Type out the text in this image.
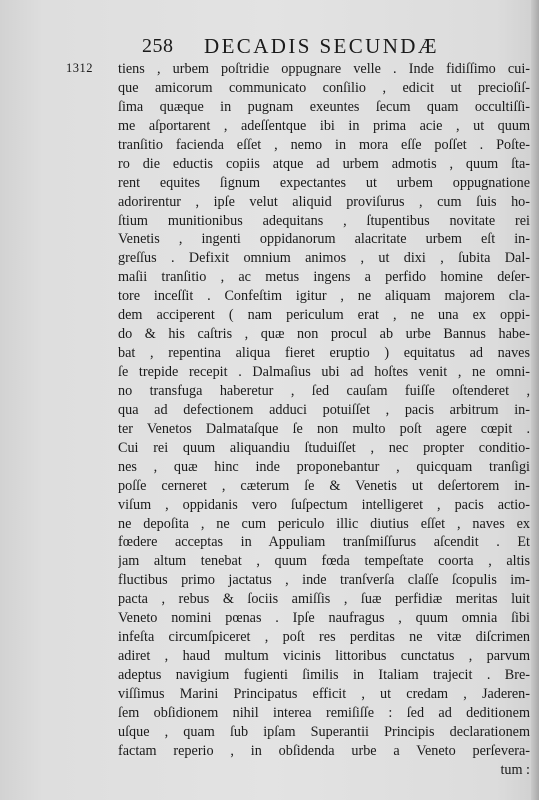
258 DECADIS SECUNDÆ
1312 tiens , urbem poſtridie oppugnare velle . Inde fidiſſimo cui-
que amicorum communicato conſilio , edicit ut precioſiſ-
ſima quæque in pugnam exeuntes ſecum quam occultiſſi-
me aſportarent , adeſſentque ibi in prima acie , ut quum
tranſitio facienda eſſet , nemo in mora eſſe poſſet . Poſte-
ro die eductis copiis atque ad urbem admotis , quum ſta-
rent equites ſignum expectantes ut urbem oppugnatione
adorirentur , ipſe velut aliquid proviſurus , cum ſuis ho-
ſtium munitionibus adequitans , ſtupentibus novitate rei
Venetis , ingenti oppidanorum alacritate urbem eſt in-
greſſus . Defixit omnium animos , ut dixi , ſubita Dal-
maſii tranſitio , ac metus ingens a perfido homine deſer-
tore inceſſit . Confeſtim igitur , ne aliquam majorem cla-
dem acciperent ( nam periculum erat , ne una ex oppi-
do & his caſtris , quæ non procul ab urbe Bannus habe-
bat , repentina aliqua fieret eruptio ) equitatus ad naves
ſe trepide recepit . Dalmaſius ubi ad hoſtes venit , ne omni-
no transfuga haberetur , ſed cauſam fuiſſe oſtenderet ,
qua ad defectionem adduci potuiſſet , pacis arbitrum in-
ter Venetos Dalmataſque ſe non multo poſt agere cœpit .
Cui rei quum aliquandiu ſtuduiſſet , nec propter conditio-
nes , quæ hinc inde proponebantur , quicquam tranſigi
poſſe cerneret , cæterum ſe & Venetis ut deſertorem in-
viſum , oppidanis vero ſuſpectum intelligeret , pacis actio-
ne depoſita , ne cum periculo illic diutius eſſet , naves ex
fœdere acceptas in Appuliam tranſmiſſurus aſcendit . Et
jam altum tenebat , quum fœda tempeſtate coorta , altis
fluctibus primo jactatus , inde tranſverſa claſſe ſcopulis im-
pacta , rebus & ſociis amiſſis , ſuæ perfidiæ meritas luit
Veneto nomini pœnas . Ipſe naufragus , quum omnia ſibi
infeſta circumſpiceret , poſt res perditas ne vitæ diſcrimen
adiret , haud multum vicinis littoribus cunctatus , parvum
adeptus navigium fugienti ſimilis in Italiam trajecit . Bre-
viſſimus Marini Principatus efficit , ut credam , Jaderen-
ſem obſidionem nihil interea remiſiſſe : ſed ad deditionem
uſque , quam ſub ipſam Superantii Principis declarationem
factam reperio , in obſidenda urbe a Veneto perſevera-
tum :
